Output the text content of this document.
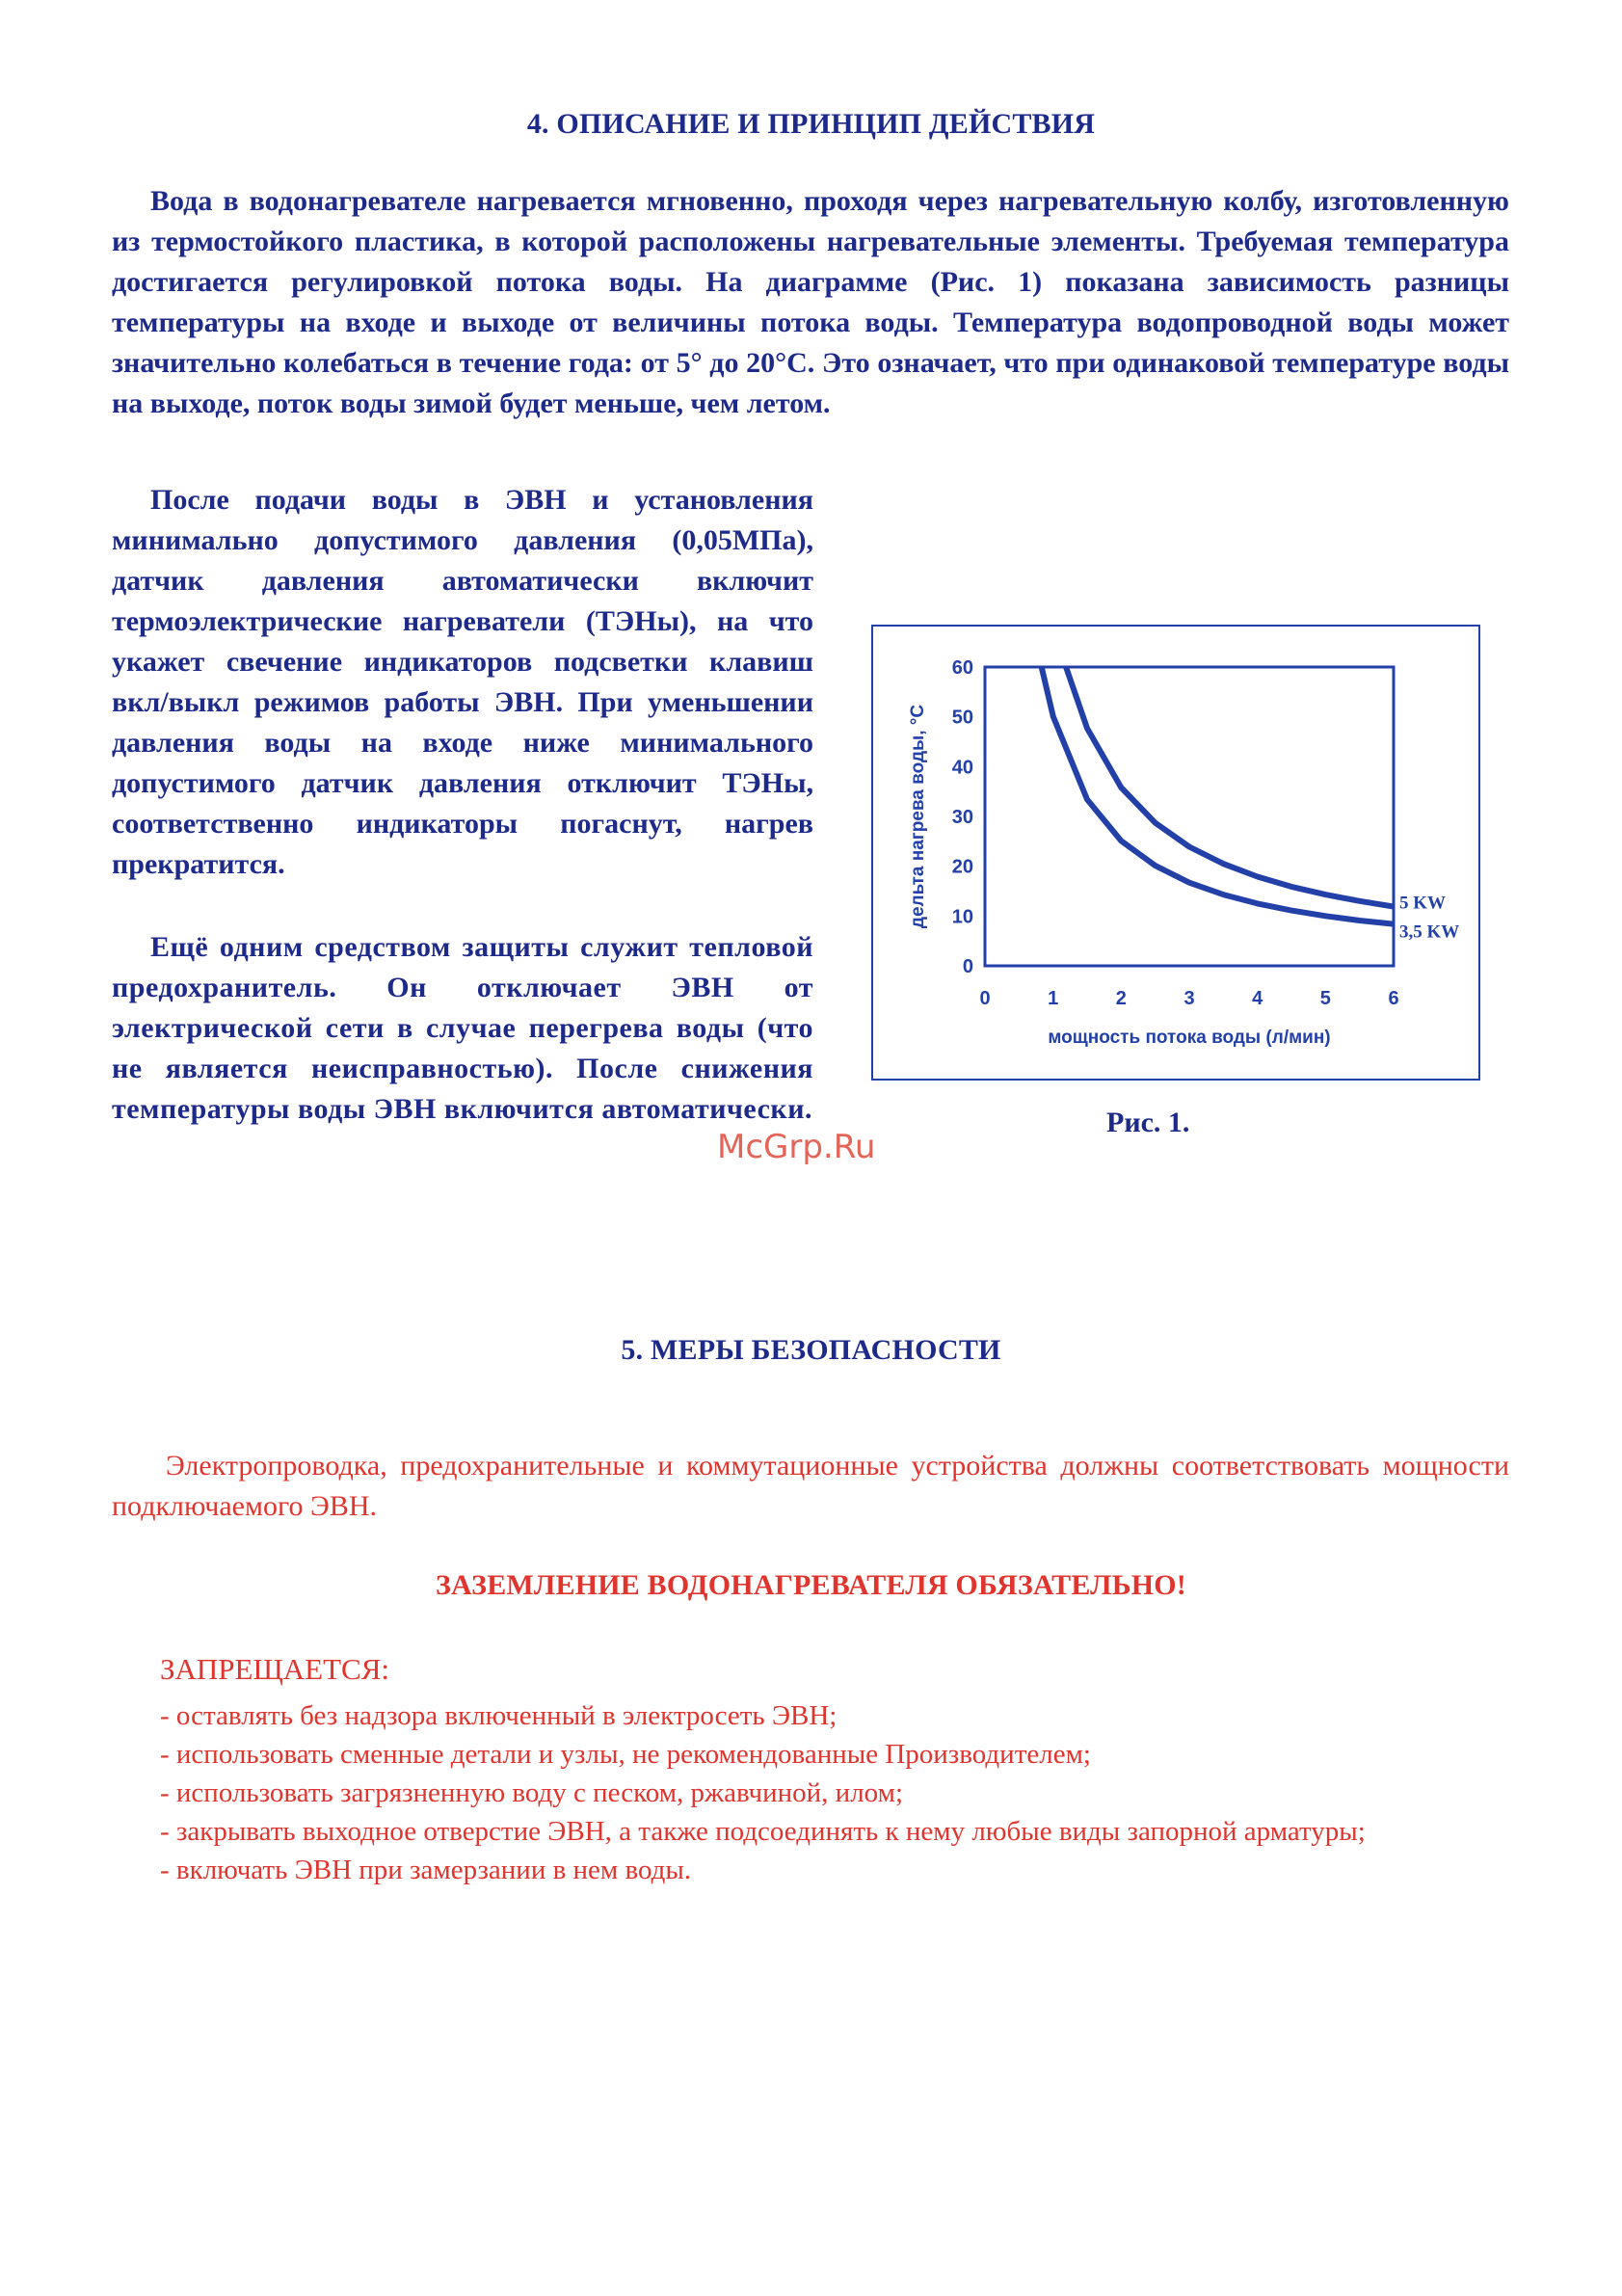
4. ОПИСАНИЕ И ПРИНЦИП ДЕЙСТВИЯ

Вода в водонагревателе нагревается мгновенно, проходя через нагревательную колбу, изготовленную из термостойкого пластика, в которой расположены нагревательные элементы. Требуемая температура достигается регулировкой потока воды. На диаграмме (Рис. 1) показана зависимость разницы температуры на входе и выходе от величины потока воды. Температура водопроводной воды может значительно колебаться в течение года: от 5° до 20°С. Это означает, что при одинаковой температуре воды на выходе, поток воды зимой будет меньше, чем летом.

После подачи воды в ЭВН и установления минимально допустимого давления (0,05МПа), датчик давления автоматически включит термоэлектрические нагреватели (ТЭНы), на что укажет свечение индикаторов подсветки клавиш вкл/выкл режимов работы ЭВН. При уменьшении давления воды на входе ниже минимального допустимого датчик давления отключит ТЭНы, соответственно индикаторы погаснут, нагрев прекратится.

Ещё одним средством защиты служит тепловой предохранитель. Он отключает ЭВН от электрической сети в случае перегрева воды (что не является неисправностью). После снижения температуры воды ЭВН включится автоматически.

0
10
20
30
40
50
60
0	1	2	3	4	5	6
мощность потока воды (л/мин)
дельта нагрева воды, °С	5 KW
3,5 KW
Рис. 1.
McGrp.Ru
5. МЕРЫ БЕЗОПАСНОСТИ

Электропроводка, предохранительные и коммутационные устройства должны соответствовать мощности подключаемого ЭВН.

ЗАЗЕМЛЕНИЕ ВОДОНАГРЕВАТЕЛЯ ОБЯЗАТЕЛЬНО!
ЗАПРЕЩАЕТСЯ:
- оставлять без надзора включенный в электросеть ЭВН;
- использовать сменные детали и узлы, не рекомендованные Производителем;
- использовать загрязненную воду с песком, ржавчиной, илом;
- закрывать выходное отверстие ЭВН, а также подсоединять к нему любые виды запорной арматуры;
- включать ЭВН при замерзании в нем воды.
